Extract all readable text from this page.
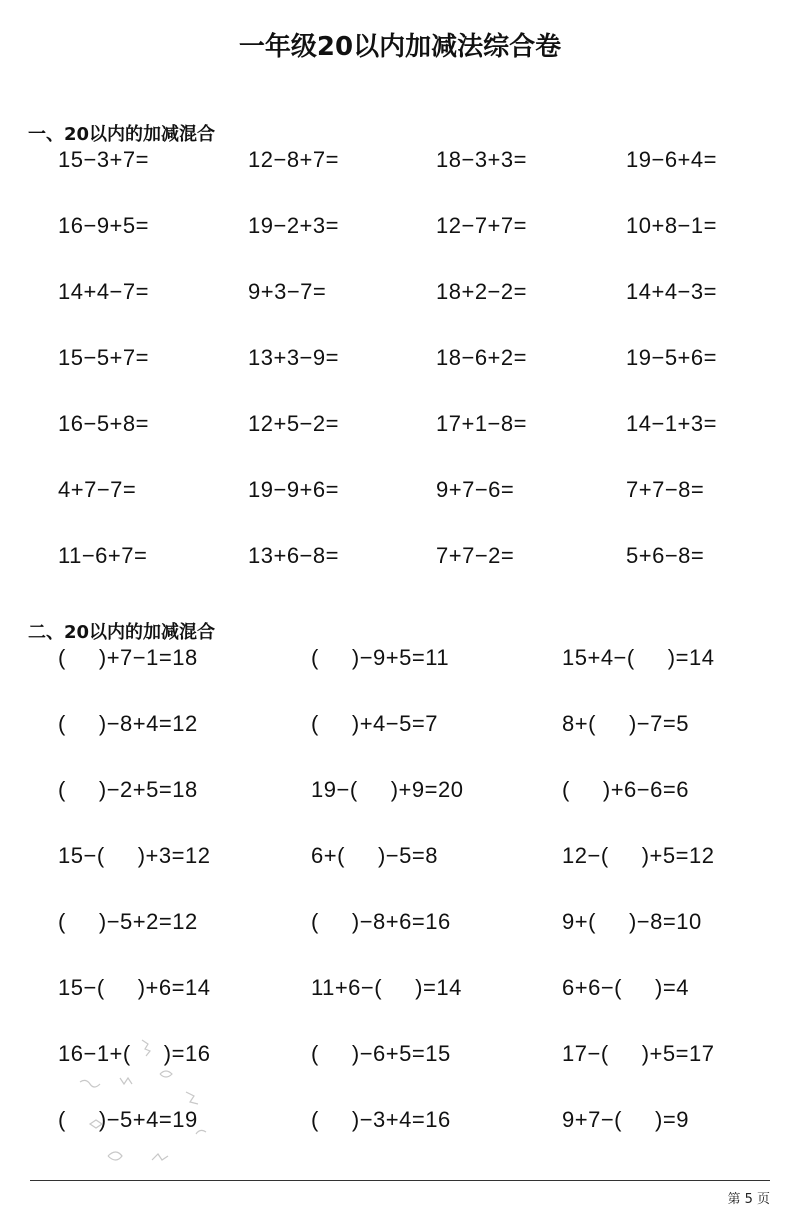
一年级20以内加减法综合卷
一、20以内的加减混合
15−3+7=	12−8+7=	18−3+3=	19−6+4=
16−9+5=	19−2+3=	12−7+7=	10+8−1=
14+4−7=	9+3−7=	18+2−2=	14+4−3=
15−5+7=	13+3−9=	18−6+2=	19−5+6=
16−5+8=	12+5−2=	17+1−8=	14−1+3=
4+7−7=	19−9+6=	9+7−6=	7+7−8=
11−6+7=	13+6−8=	7+7−2=	5+6−8=
二、20以内的加减混合
(     )+7−1=18	(     )−9+5=11	15+4−(     )=14
(     )−8+4=12	(     )+4−5=7	8+(     )−7=5
(     )−2+5=18	19−(     )+9=20	(     )+6−6=6
15−(     )+3=12	6+(     )−5=8	12−(     )+5=12
(     )−5+2=12	(     )−8+6=16	9+(     )−8=10
15−(     )+6=14	11+6−(     )=14	6+6−(     )=4
16−1+(     )=16	(     )−6+5=15	17−(     )+5=17
(     )−5+4=19	(     )−3+4=16	9+7−(     )=9
第 5 页
